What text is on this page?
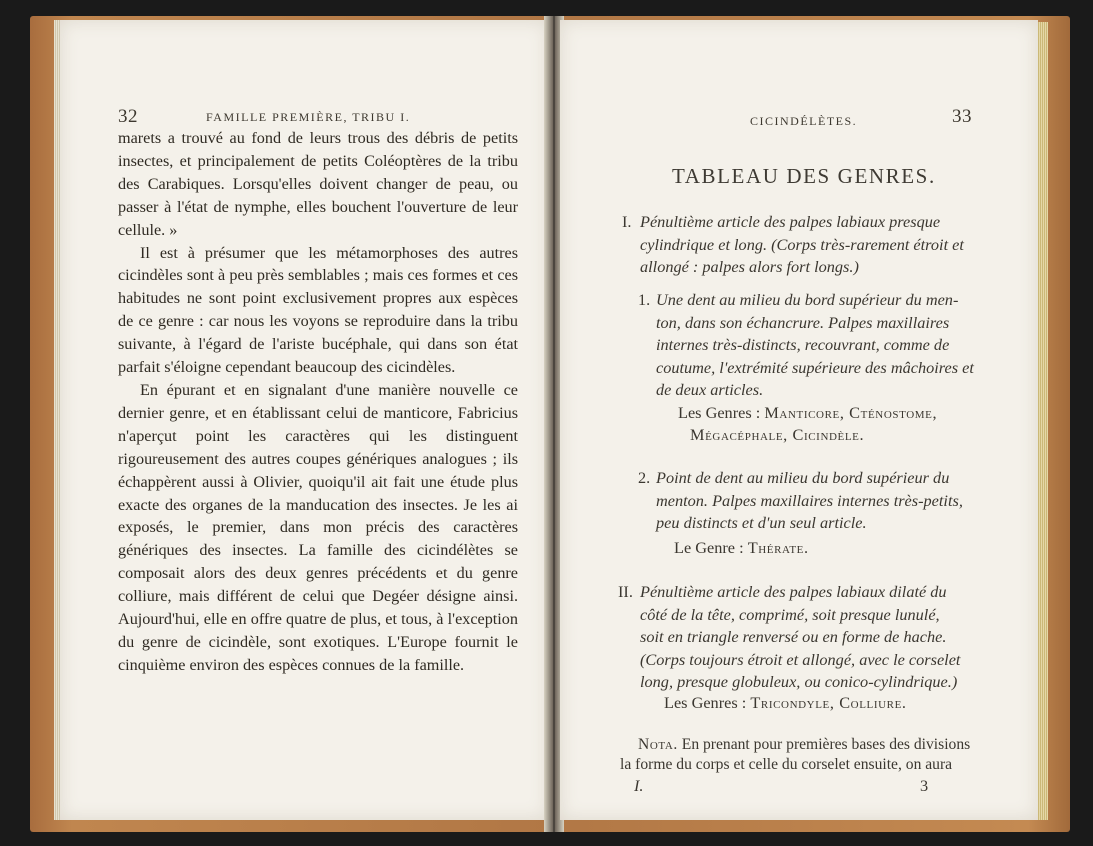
32	FAMILLE PREMIÈRE, TRIBU I.

marets a trouvé au fond de leurs trous des débris de petits insectes, et principalement de petits Coléoptères de la tribu des Carabiques. Lorsqu'elles doivent changer de peau, ou passer à l'état de nymphe, elles bouchent l'ouverture de leur cellule. »

Il est à présumer que les métamorphoses des autres cicindèles sont à peu près semblables ; mais ces formes et ces habitudes ne sont point exclusivement propres aux espèces de ce genre : car nous les voyons se reproduire dans la tribu suivante, à l'égard de l'ariste bucéphale, qui dans son état parfait s'éloigne cependant beaucoup des cicindèles.

En épurant et en signalant d'une manière nouvelle ce dernier genre, et en établissant celui de manticore, Fabricius n'aperçut point les caractères qui les distinguent rigoureusement des autres coupes génériques analogues ; ils échappèrent aussi à Olivier, quoiqu'il ait fait une étude plus exacte des organes de la manducation des insectes. Je les ai exposés, le premier, dans mon précis des caractères génériques des insectes. La famille des cicindélètes se composait alors des deux genres précédents et du genre colliure, mais différent de celui que Degéer désigne ainsi. Aujourd'hui, elle en offre quatre de plus, et tous, à l'exception du genre de cicindèle, sont exotiques. L'Europe fournit le cinquième environ des espèces connues de la famille.

CICINDÉLÈTES.	33
TABLEAU DES GENRES.
I. Pénultième article des palpes labiaux presque
cylindrique et long. (Corps très-rarement étroit et
allongé : palpes alors fort longs.)
1. Une dent au milieu du bord supérieur du men-
ton, dans son échancrure. Palpes maxillaires
internes très-distincts, recouvrant, comme de
coutume, l'extrémité supérieure des mâchoires et
de deux articles.
Les Genres : Manticore, Cténostome,
Mégacéphale, Cicindèle.
2. Point de dent au milieu du bord supérieur du
menton. Palpes maxillaires internes très-petits,
peu distincts et d'un seul article.
Le Genre : Thérate.
II. Pénultième article des palpes labiaux dilaté du
côté de la tête, comprimé, soit presque lunulé,
soit en triangle renversé ou en forme de hache.
(Corps toujours étroit et allongé, avec le corselet
long, presque globuleux, ou conico-cylindrique.)
Les Genres : Tricondyle, Colliure.
Nota. En prenant pour premières bases des divisions
la forme du corps et celle du corselet ensuite, on aura
I.	3
